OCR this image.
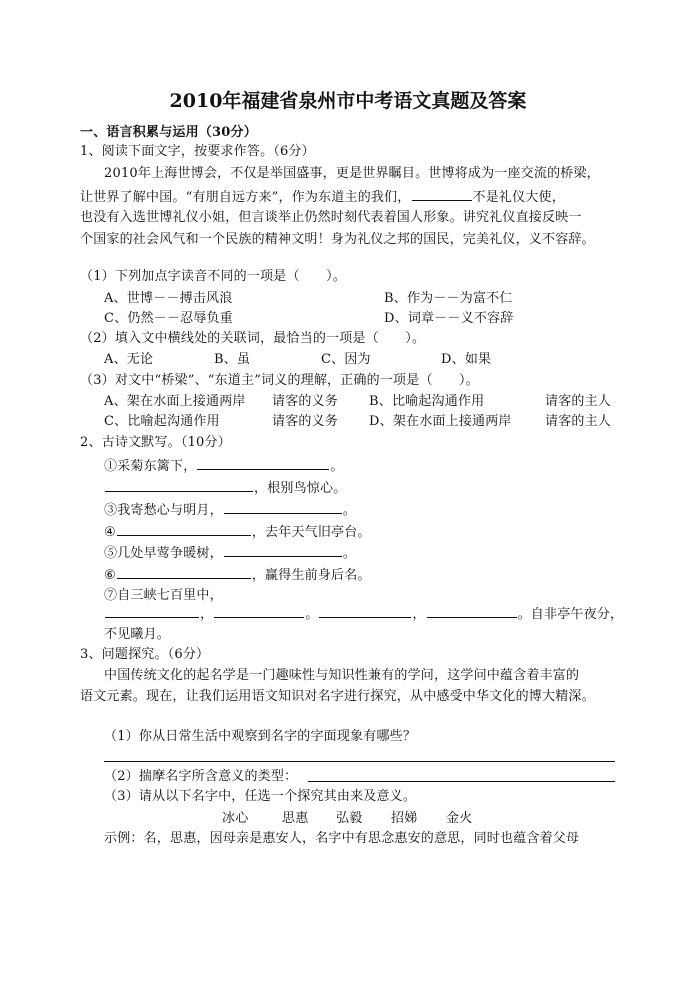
2010年福建省泉州市中考语文真题及答案
一、语言积累与运用（30分）
1、阅读下面文字，按要求作答。（6分）
2010年上海世博会，不仅是举国盛事，更是世界瞩目。世博将成为一座交流的桥梁，
让世界了解中国。“有朋自远方来”，作为东道主的我们，	不是礼仪大使，
也没有入选世博礼仪小姐，但言谈举止仍然时刻代表着国人形象。讲究礼仪直接反映一
个国家的社会风气和一个民族的精神文明！身为礼仪之邦的国民，完美礼仪，义不容辞。
（1）下列加点字读音不同的一项是（　　）。
A、世博－－搏击风浪	B、作为－－为富不仁
C、仍然－－忍辱负重	D、词章－－义不容辞
（2）填入文中横线处的关联词，最恰当的一项是（　　）。
A、无论	B、虽	C、因为	D、如果
（3）对文中“桥梁”、“东道主”词义的理解，正确的一项是（　　）。
A、架在水面上接通两岸 请客的义务 B、比喻起沟通作用	请客的主人
C、比喻起沟通作用	请客的义务 D、架在水面上接通两岸	请客的主人
2、古诗文默写。（10分）
①采菊东篱下，	。
，根别鸟惊心。
③我寄愁心与明月，	。
④	，去年天气旧亭台。
⑤几处早莺争暖树，	。
⑥	，赢得生前身后名。
⑦自三峡七百里中，
，	。	，	。自非亭午夜分，
不见曦月。
3、问题探究。（6分）
中国传统文化的起名学是一门趣味性与知识性兼有的学问，这学问中蕴含着丰富的
语文元素。现在，让我们运用语文知识对名字进行探究，从中感受中华文化的博大精深。
（1）你从日常生活中观察到名字的字面现象有哪些？
（2）揣摩名字所含意义的类型：
（3）请从以下名字中，任选一个探究其由来及意义。
冰心	思惠 弘毅 招娣 金火
示例：名，思惠，因母亲是惠安人，名字中有思念惠安的意思，同时也蕴含着父母
